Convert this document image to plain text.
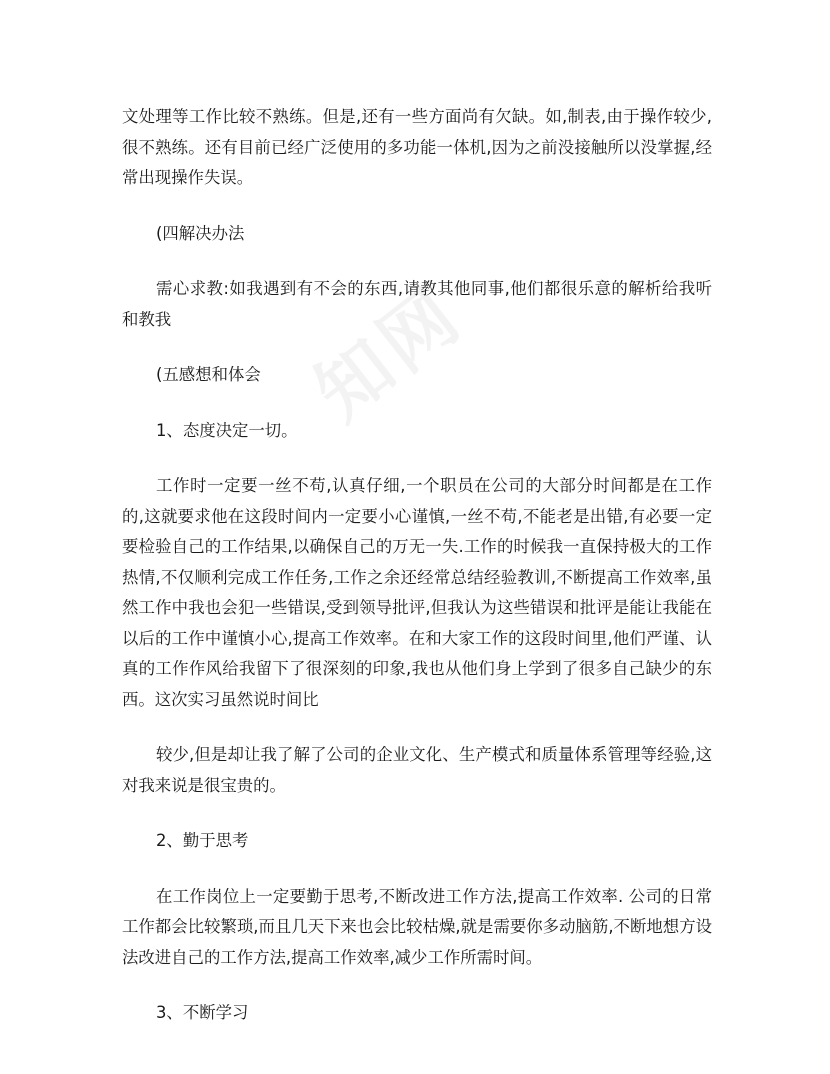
文处理等工作比较不熟练。但是,还有一些方面尚有欠缺。如,制表,由于操作较少,很不熟练。还有目前已经广泛使用的多功能一体机,因为之前没接触所以没掌握,经常出现操作失误。

(四解决办法

需心求教:如我遇到有不会的东西,请教其他同事,他们都很乐意的解析给我听和教我

(五感想和体会

1、态度决定一切。

工作时一定要一丝不苟,认真仔细,一个职员在公司的大部分时间都是在工作的,这就要求他在这段时间内一定要小心谨慎,一丝不苟,不能老是出错,有必要一定要检验自己的工作结果,以确保自己的万无一失.工作的时候我一直保持极大的工作热情,不仅顺利完成工作任务,工作之余还经常总结经验教训,不断提高工作效率,虽然工作中我也会犯一些错误,受到领导批评,但我认为这些错误和批评是能让我能在以后的工作中谨慎小心,提高工作效率。在和大家工作的这段时间里,他们严谨、认真的工作作风给我留下了很深刻的印象,我也从他们身上学到了很多自己缺少的东西。这次实习虽然说时间比

较少,但是却让我了解了公司的企业文化、生产模式和质量体系管理等经验,这对我来说是很宝贵的。

2、勤于思考

在工作岗位上一定要勤于思考,不断改进工作方法,提高工作效率. 公司的日常工作都会比较繁琐,而且几天下来也会比较枯燥,就是需要你多动脑筋,不断地想方设法改进自己的工作方法,提高工作效率,减少工作所需时间。

3、不断学习
